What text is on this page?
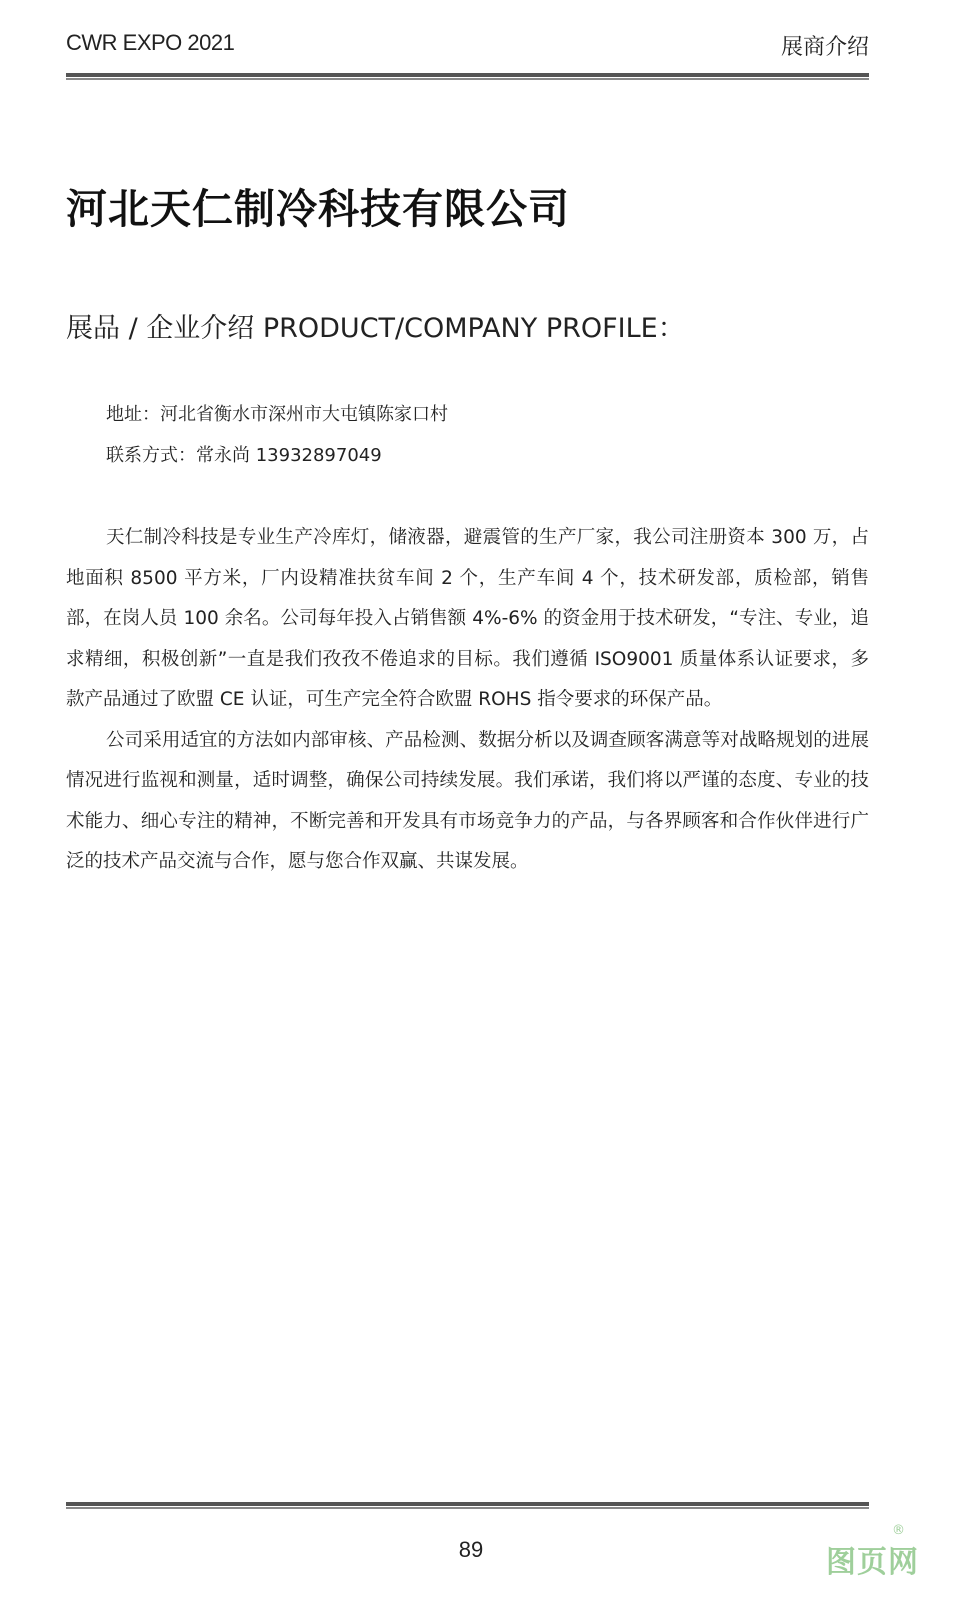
CWR EXPO 2021	展商介绍
河北天仁制冷科技有限公司
展品 / 企业介绍 PRODUCT/COMPANY PROFILE：
地址：河北省衡水市深州市大屯镇陈家口村
联系方式：常永尚 13932897049

天仁制冷科技是专业生产冷库灯，储液器，避震管的生产厂家，我公司注册资本 300 万，占地面积 8500 平方米，厂内设精准扶贫车间 2 个，生产车间 4 个，技术研发部，质检部，销售部，在岗人员 100 余名。公司每年投入占销售额 4%-6% 的资金用于技术研发，“专注、专业，追求精细，积极创新”一直是我们孜孜不倦追求的目标。我们遵循 ISO9001 质量体系认证要求，多款产品通过了欧盟 CE 认证，可生产完全符合欧盟 ROHS 指令要求的环保产品。

公司采用适宜的方法如内部审核、产品检测、数据分析以及调查顾客满意等对战略规划的进展情况进行监视和测量，适时调整，确保公司持续发展。我们承诺，我们将以严谨的态度、专业的技术能力、细心专注的精神，不断完善和开发具有市场竞争力的产品，与各界顾客和合作伙伴进行广泛的技术产品交流与合作，愿与您合作双赢、共谋发展。

89	图页网
®
